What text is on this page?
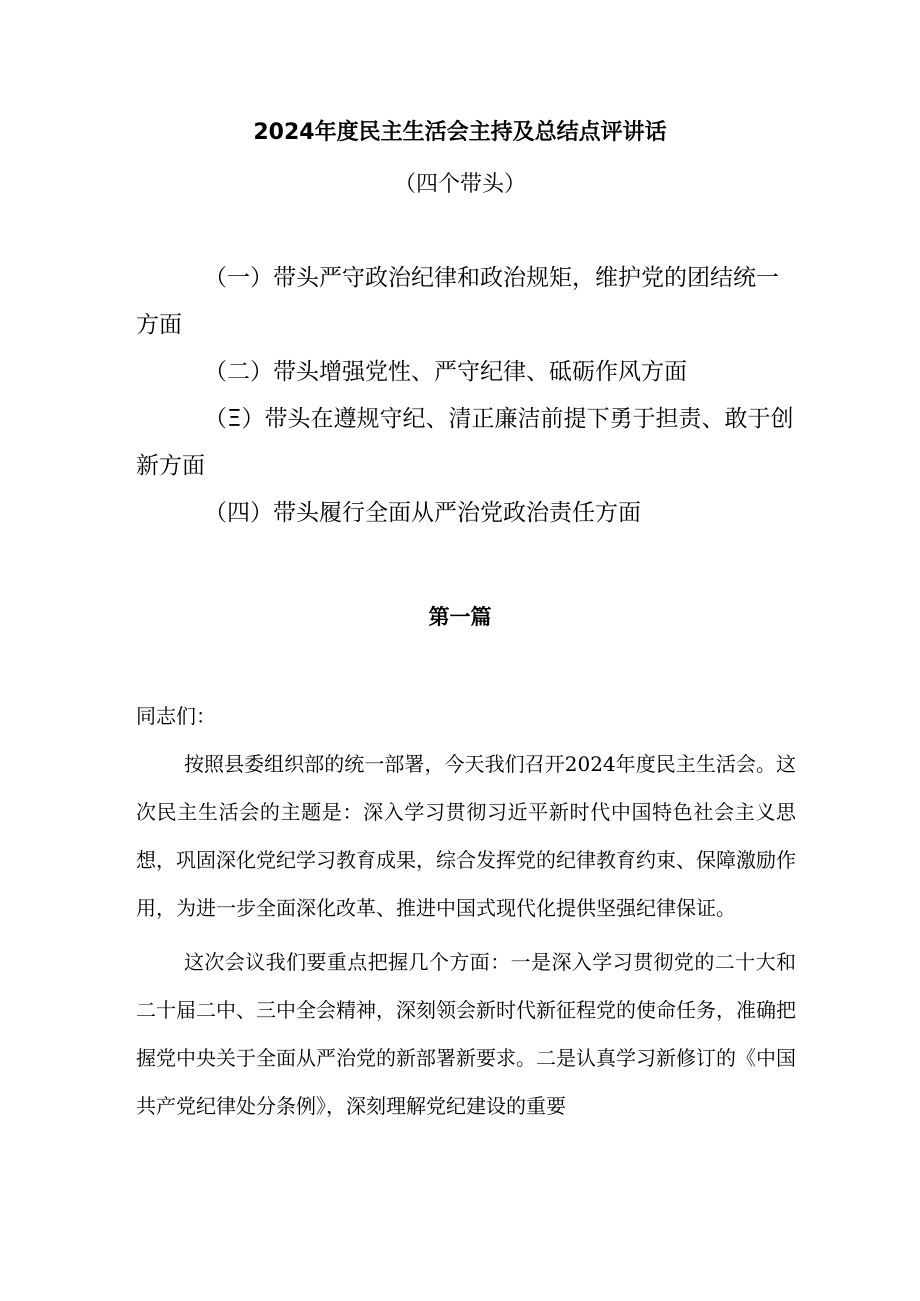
2024年度民主生活会主持及总结点评讲话
（四个带头）

（一）带头严守政治纪律和政治规矩，维护党的团结统一方面

（二）带头增强党性、严守纪律、砥砺作风方面

（Ξ）带头在遵规守纪、清正廉洁前提下勇于担责、敢于创新方面

（四）带头履行全面从严治党政治责任方面

第一篇

同志们：

按照县委组织部的统一部署，今天我们召开2024年度民主生活会。这次民主生活会的主题是：深入学习贯彻习近平新时代中国特色社会主义思想，巩固深化党纪学习教育成果，综合发挥党的纪律教育约束、保障激励作用，为进一步全面深化改革、推进中国式现代化提供坚强纪律保证。

这次会议我们要重点把握几个方面：一是深入学习贯彻党的二十大和二十届二中、三中全会精神，深刻领会新时代新征程党的使命任务，准确把握党中央关于全面从严治党的新部署新要求。二是认真学习新修订的《中国共产党纪律处分条例》，深刻理解党纪建设的重要
